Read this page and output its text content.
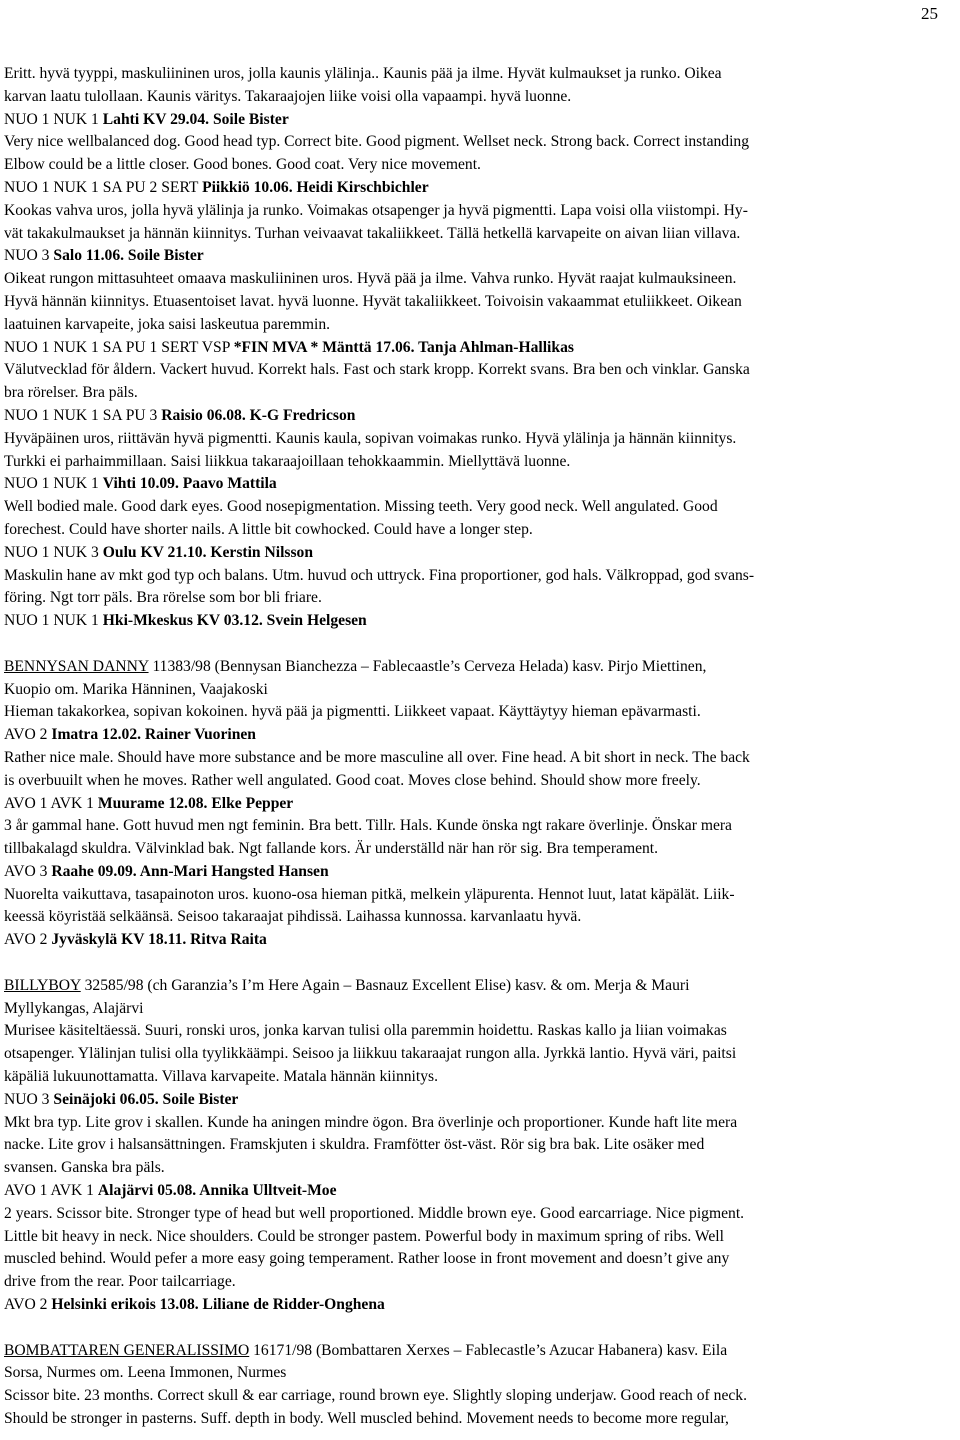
25
Eritt. hyvä tyyppi, maskuliininen uros, jolla kaunis ylälinja.. Kaunis pää ja ilme. Hyvät kulmaukset ja runko. Oikea
karvan laatu tulollaan. Kaunis väritys. Takaraajojen liike voisi olla vapaampi. hyvä luonne.
NUO 1 NUK 1 Lahti KV 29.04. Soile Bister
Very nice wellbalanced dog. Good head typ. Correct bite. Good pigment. Wellset neck. Strong back. Correct instanding
Elbow could be a little closer. Good bones. Good coat. Very nice movement.
NUO 1 NUK 1 SA PU 2 SERT Piikkiö 10.06. Heidi Kirschbichler
Kookas vahva uros, jolla hyvä ylälinja ja runko. Voimakas otsapenger ja hyvä pigmentti. Lapa voisi olla viistompi. Hy-
vät takakulmaukset ja hännän kiinnitys. Turhan veivaavat takaliikkeet. Tällä hetkellä karvapeite on aivan liian villava.
NUO 3 Salo 11.06. Soile Bister
Oikeat rungon mittasuhteet omaava maskuliininen uros. Hyvä pää ja ilme. Vahva runko. Hyvät raajat kulmauksineen.
Hyvä hännän kiinnitys. Etuasentoiset lavat. hyvä luonne. Hyvät takaliikkeet. Toivoisin vakaammat etuliikkeet. Oikean
laatuinen karvapeite, joka saisi laskeutua paremmin.
NUO 1 NUK 1 SA PU 1 SERT VSP *FIN MVA * Mänttä 17.06. Tanja Ahlman-Hallikas
Välutvecklad för åldern. Vackert huvud. Korrekt hals. Fast och stark kropp. Korrekt svans. Bra ben och vinklar. Ganska
bra rörelser. Bra päls.
NUO 1 NUK 1 SA PU 3 Raisio 06.08. K-G Fredricson
Hyväpäinen uros, riittävän hyvä pigmentti. Kaunis kaula, sopivan voimakas runko. Hyvä ylälinja ja hännän kiinnitys.
Turkki ei parhaimmillaan. Saisi liikkua takaraajoillaan tehokkaammin. Miellyttävä luonne.
NUO 1 NUK 1 Vihti 10.09. Paavo Mattila
Well bodied male. Good dark eyes. Good nosepigmentation. Missing teeth. Very good neck. Well angulated. Good
forechest. Could have shorter nails. A little bit cowhocked. Could have a longer step.
NUO 1 NUK 3 Oulu KV 21.10. Kerstin Nilsson
Maskulin hane av mkt god typ och balans. Utm. huvud och uttryck. Fina proportioner, god hals. Välkroppad, god svans-
föring. Ngt torr päls. Bra rörelse som bor bli friare.
NUO 1 NUK 1 Hki-Mkeskus KV 03.12. Svein Helgesen
BENNYSAN DANNY 11383/98 (Bennysan Bianchezza – Fablecaastle’s Cerveza Helada) kasv. Pirjo Miettinen,
Kuopio om. Marika Hänninen, Vaajakoski
Hieman takakorkea, sopivan kokoinen. hyvä pää ja pigmentti. Liikkeet vapaat. Käyttäytyy hieman epävarmasti.
AVO 2 Imatra 12.02. Rainer Vuorinen
Rather nice male. Should have more substance and be more masculine all over. Fine head. A bit short in neck. The back
is overbuuilt when he moves. Rather well angulated. Good coat. Moves close behind. Should show more freely.
AVO 1 AVK 1 Muurame 12.08. Elke Pepper
3 år gammal hane. Gott huvud men ngt feminin. Bra bett. Tillr. Hals. Kunde önska ngt rakare överlinje. Önskar mera
tillbakalagd skuldra. Välvinklad bak. Ngt fallande kors. Är underställd när han rör sig. Bra temperament.
AVO 3 Raahe 09.09. Ann-Mari Hangsted Hansen
Nuorelta vaikuttava, tasapainoton uros. kuono-osa hieman pitkä, melkein yläpurenta. Hennot luut, latat käpälät. Liik-
keessä köyristää selkäänsä. Seisoo takaraajat pihdissä. Laihassa kunnossa. karvanlaatu hyvä.
AVO 2 Jyväskylä KV 18.11. Ritva Raita
BILLYBOY 32585/98 (ch Garanzia’s I’m Here Again – Basnauz Excellent Elise) kasv. & om. Merja & Mauri
Myllykangas, Alajärvi
Murisee käsiteltäessä. Suuri, ronski uros, jonka karvan tulisi olla paremmin hoidettu. Raskas kallo ja liian voimakas
otsapenger. Ylälinjan tulisi olla tyylikkäämpi. Seisoo ja liikkuu takaraajat rungon alla. Jyrkkä lantio. Hyvä väri, paitsi
käpäliä lukuunottamatta. Villava karvapeite. Matala hännän kiinnitys.
NUO 3 Seinäjoki 06.05. Soile Bister
Mkt bra typ. Lite grov i skallen. Kunde ha aningen mindre ögon. Bra överlinje och proportioner. Kunde haft lite mera
nacke. Lite grov i halsansättningen. Framskjuten i skuldra. Framfötter öst-väst. Rör sig bra bak. Lite osäker med
svansen. Ganska bra päls.
AVO 1 AVK 1 Alajärvi 05.08. Annika Ulltveit-Moe
2 years. Scissor bite. Stronger type of head but well proportioned. Middle brown eye. Good earcarriage. Nice pigment.
Little bit heavy in neck. Nice shoulders. Could be stronger pastem. Powerful body in maximum spring of ribs. Well
muscled behind. Would pefer a more easy going temperament. Rather loose in front movement and doesn’t give any
drive from the rear. Poor tailcarriage.
AVO 2 Helsinki erikois 13.08. Liliane de Ridder-Onghena
BOMBATTAREN GENERALISSIMO 16171/98 (Bombattaren Xerxes – Fablecastle’s Azucar Habanera) kasv. Eila
Sorsa, Nurmes om. Leena Immonen, Nurmes
Scissor bite. 23 months. Correct skull & ear carriage, round brown eye. Slightly sloping underjaw. Good reach of neck.
Should be stronger in pasterns. Suff. depth in body. Well muscled behind. Movement needs to become more regular,
